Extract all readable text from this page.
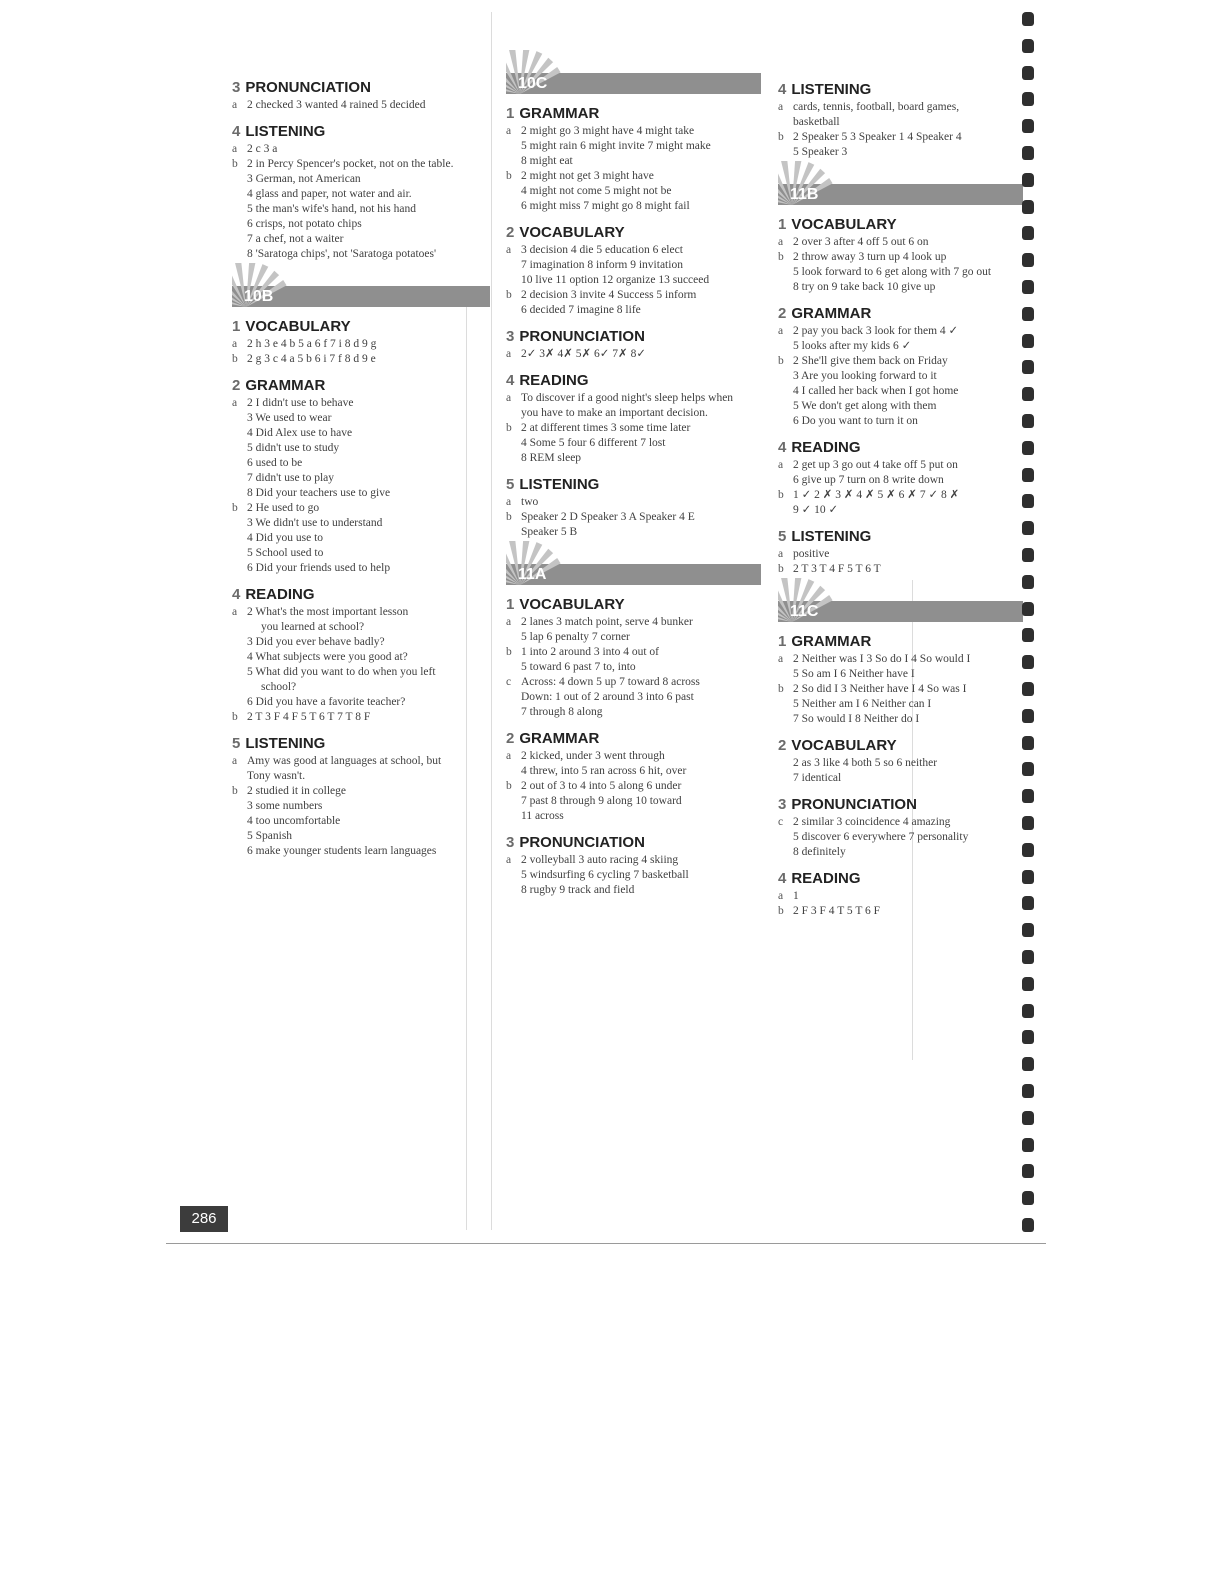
3 PRONUNCIATION
a 2 checked 3 wanted 4 rained 5 decided
4 LISTENING
a 2 c 3 a
b 2 in Percy Spencer's pocket, not on the table.
3 German, not American
4 glass and paper, not water and air.
5 the man's wife's hand, not his hand
6 crisps, not potato chips
7 a chef, not a waiter
8 'Saratoga chips', not 'Saratoga potatoes'
10B
1 VOCABULARY
a 2 h 3 e 4 b 5 a 6 f 7 i 8 d 9 g
b 2 g 3 c 4 a 5 b 6 i 7 f 8 d 9 e
2 GRAMMAR
a 2 I didn't use to behave
3 We used to wear
4 Did Alex use to have
5 didn't use to study
6 used to be
7 didn't use to play
8 Did your teachers use to give
b 2 He used to go
3 We didn't use to understand
4 Did you use to
5 School used to
6 Did your friends used to help
4 READING
a 2 What's the most important lesson
you learned at school?
3 Did you ever behave badly?
4 What subjects were you good at?
5 What did you want to do when you left
school?
6 Did you have a favorite teacher?
b 2 T 3 F 4 F 5 T 6 T 7 T 8 F
5 LISTENING
a Amy was good at languages at school, but
Tony wasn't.
b 2 studied it in college
3 some numbers
4 too uncomfortable
5 Spanish
6 make younger students learn languages
10C
1 GRAMMAR
a 2 might go 3 might have 4 might take
5 might rain 6 might invite 7 might make
8 might eat
b 2 might not get 3 might have
4 might not come 5 might not be
6 might miss 7 might go 8 might fail
2 VOCABULARY
a 3 decision 4 die 5 education 6 elect
7 imagination 8 inform 9 invitation
10 live 11 option 12 organize 13 succeed
b 2 decision 3 invite 4 Success 5 inform
6 decided 7 imagine 8 life
3 PRONUNCIATION
a 2✓ 3✗ 4✗ 5✗ 6✓ 7✗ 8✓
4 READING
a To discover if a good night's sleep helps when
you have to make an important decision.
b 2 at different times 3 some time later
4 Some 5 four 6 different 7 lost
8 REM sleep
5 LISTENING
a two
b Speaker 2 D Speaker 3 A Speaker 4 E
Speaker 5 B
11A
1 VOCABULARY
a 2 lanes 3 match point, serve 4 bunker
5 lap 6 penalty 7 corner
b 1 into 2 around 3 into 4 out of
5 toward 6 past 7 to, into
c Across: 4 down 5 up 7 toward 8 across
Down: 1 out of 2 around 3 into 6 past
7 through 8 along
2 GRAMMAR
a 2 kicked, under 3 went through
4 threw, into 5 ran across 6 hit, over
b 2 out of 3 to 4 into 5 along 6 under
7 past 8 through 9 along 10 toward
11 across
3 PRONUNCIATION
a 2 volleyball 3 auto racing 4 skiing
5 windsurfing 6 cycling 7 basketball
8 rugby 9 track and field
4 LISTENING
a cards, tennis, football, board games,
basketball
b 2 Speaker 5 3 Speaker 1 4 Speaker 4
5 Speaker 3
11B
1 VOCABULARY
a 2 over 3 after 4 off 5 out 6 on
b 2 throw away 3 turn up 4 look up
5 look forward to 6 get along with 7 go out
8 try on 9 take back 10 give up
2 GRAMMAR
a 2 pay you back 3 look for them 4 ✓
5 looks after my kids 6 ✓
b 2 She'll give them back on Friday
3 Are you looking forward to it
4 I called her back when I got home
5 We don't get along with them
6 Do you want to turn it on
4 READING
a 2 get up 3 go out 4 take off 5 put on
6 give up 7 turn on 8 write down
b 1 ✓ 2 ✗ 3 ✗ 4 ✗ 5 ✗ 6 ✗ 7 ✓ 8 ✗
9 ✓ 10 ✓
5 LISTENING
a positive
b 2 T 3 T 4 F 5 T 6 T
11C
1 GRAMMAR
a 2 Neither was I 3 So do I 4 So would I
5 So am I 6 Neither have I
b 2 So did I 3 Neither have I 4 So was I
5 Neither am I 6 Neither can I
7 So would I 8 Neither do I
2 VOCABULARY
2 as 3 like 4 both 5 so 6 neither
7 identical
3 PRONUNCIATION
c 2 similar 3 coincidence 4 amazing
5 discover 6 everywhere 7 personality
8 definitely
4 READING
a 1
b 2 F 3 F 4 T 5 T 6 F
286
